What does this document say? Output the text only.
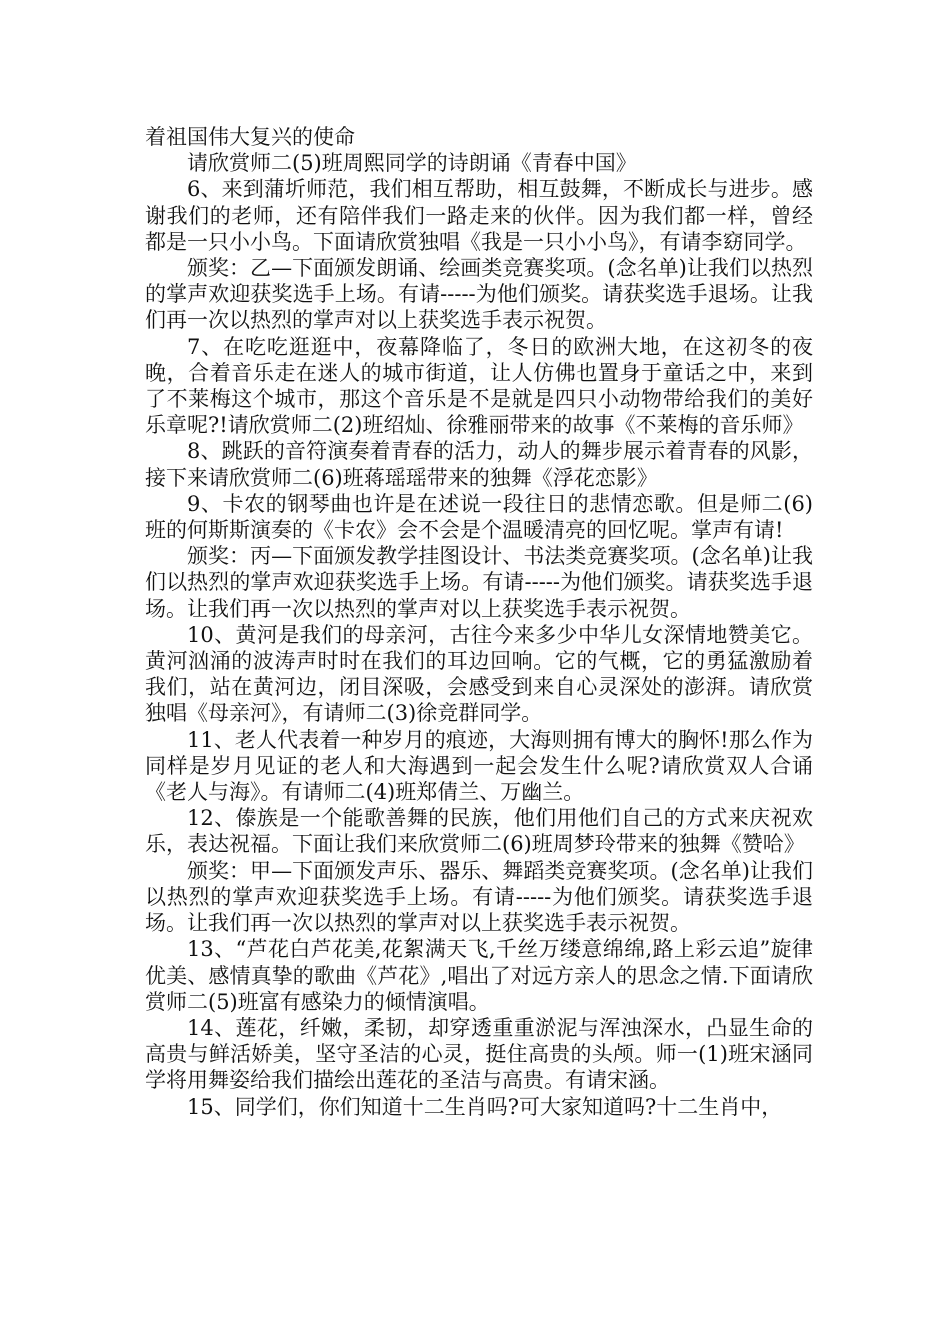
着祖国伟大复兴的使命

请欣赏师二(5)班周熙同学的诗朗诵《青春中国》

6、来到蒲圻师范，我们相互帮助，相互鼓舞，不断成长与进步。感谢我们的老师，还有陪伴我们一路走来的伙伴。因为我们都一样，曾经都是一只小小鸟。下面请欣赏独唱《我是一只小小鸟》，有请李窈同学。

颁奖：乙—下面颁发朗诵、绘画类竞赛奖项。(念名单)让我们以热烈的掌声欢迎获奖选手上场。有请-----为他们颁奖。请获奖选手退场。让我们再一次以热烈的掌声对以上获奖选手表示祝贺。

7、在吃吃逛逛中，夜幕降临了，冬日的欧洲大地，在这初冬的夜晚，合着音乐走在迷人的城市街道，让人仿佛也置身于童话之中，来到了不莱梅这个城市，那这个音乐是不是就是四只小动物带给我们的美好乐章呢?!请欣赏师二(2)班绍灿、徐雅丽带来的故事《不莱梅的音乐师》

8、跳跃的音符演奏着青春的活力，动人的舞步展示着青春的风影，接下来请欣赏师二(6)班蒋瑶瑶带来的独舞《浮花恋影》

9、卡农的钢琴曲也许是在述说一段往日的悲情恋歌。但是师二(6)班的何斯斯演奏的《卡农》会不会是个温暖清亮的回忆呢。掌声有请!

颁奖：丙—下面颁发教学挂图设计、书法类竞赛奖项。(念名单)让我们以热烈的掌声欢迎获奖选手上场。有请-----为他们颁奖。请获奖选手退场。让我们再一次以热烈的掌声对以上获奖选手表示祝贺。

10、黄河是我们的母亲河，古往今来多少中华儿女深情地赞美它。黄河汹涌的波涛声时时在我们的耳边回响。它的气概，它的勇猛激励着我们，站在黄河边，闭目深吸，会感受到来自心灵深处的澎湃。请欣赏独唱《母亲河》，有请师二(3)徐竞群同学。

11、老人代表着一种岁月的痕迹，大海则拥有博大的胸怀!那么作为同样是岁月见证的老人和大海遇到一起会发生什么呢?请欣赏双人合诵《老人与海》。有请师二(4)班郑倩兰、万幽兰。

12、傣族是一个能歌善舞的民族，他们用他们自己的方式来庆祝欢乐，表达祝福。下面让我们来欣赏师二(6)班周梦玲带来的独舞《赞哈》

颁奖：甲—下面颁发声乐、器乐、舞蹈类竞赛奖项。(念名单)让我们以热烈的掌声欢迎获奖选手上场。有请-----为他们颁奖。请获奖选手退场。让我们再一次以热烈的掌声对以上获奖选手表示祝贺。

13、“芦花白芦花美,花絮满天飞,千丝万缕意绵绵,路上彩云追”旋律优美、感情真挚的歌曲《芦花》,唱出了对远方亲人的思念之情.下面请欣赏师二(5)班富有感染力的倾情演唱。

14、莲花，纤嫩，柔韧，却穿透重重淤泥与浑浊深水，凸显生命的高贵与鲜活娇美，坚守圣洁的心灵，挺住高贵的头颅。师一(1)班宋涵同学将用舞姿给我们描绘出莲花的圣洁与高贵。有请宋涵。

15、同学们，你们知道十二生肖吗?可大家知道吗?十二生肖中，
